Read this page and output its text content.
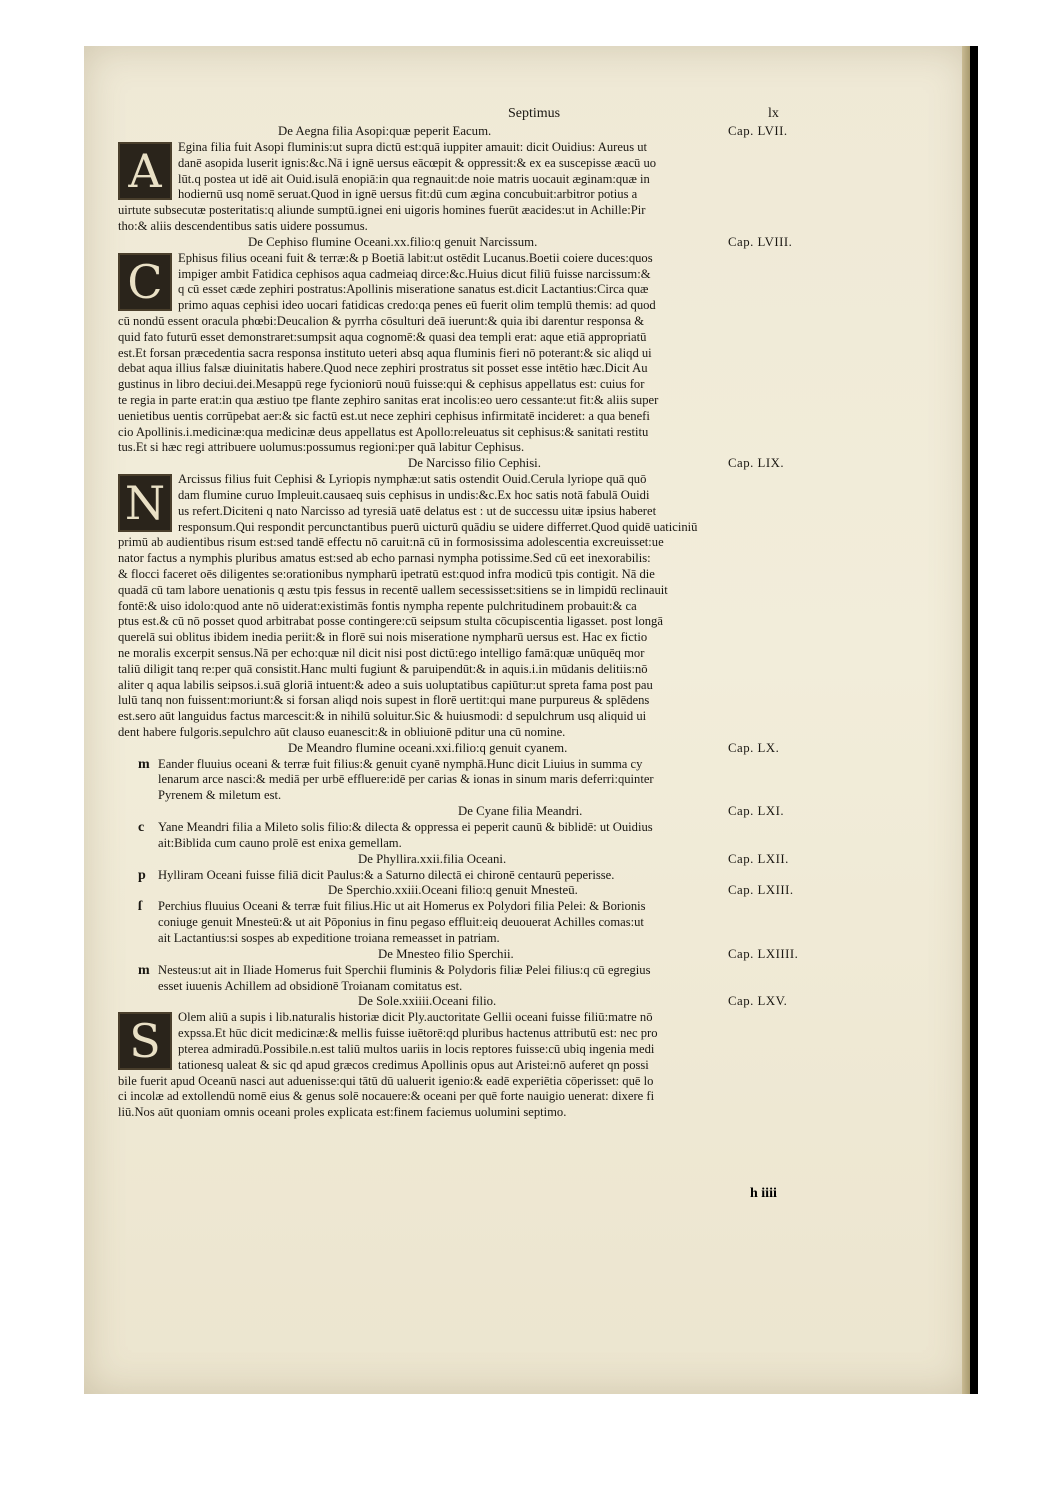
Septimus	lx
De Aegna filia Asopi:quæ peperit Eacum.	Cap. LVII.
A	Egina filia fuit Asopi fluminis:ut supra dictū est:quā iuppiter amauit: dicit Ouidius: Aureus ut

danē asopida luserit ignis:&c.Nā i ignē uersus eācœpit & oppressit:& ex ea suscepisse æacū uo

lūt.q postea ut idē ait Ouid.isulā enopiā:in qua regnauit:de noie matris uocauit æginam:quæ in

hodiernū usq nomē seruat.Quod in ignē uersus fit:dū cum ægina concubuit:arbitror potius a

uirtute subsecutæ posteritatis:q aliunde sumptū.ignei eni uigoris homines fuerūt æacides:ut in Achille:Pir

tho:& aliis descendentibus satis uidere possumus.

De Cephiso flumine Oceani.xx.filio:q genuit Narcissum.	Cap. LVIII.
C	Ephisus filius oceani fuit & terræ:& p Boetiā labit:ut ostēdit Lucanus.Boetii coiere duces:quos

impiger ambit Fatidica cephisos aqua cadmeiaq dirce:&c.Huius dicut filiū fuisse narcissum:&

q cū esset cæde zephiri postratus:Apollinis miseratione sanatus est.dicit Lactantius:Circa quæ

primo aquas cephisi ideo uocari fatidicas credo:qa penes eū fuerit olim templū themis: ad quod

cū nondū essent oracula phœbi:Deucalion & pyrrha cōsulturi deā iuerunt:& quia ibi darentur responsa &

quid fato futurū esset demonstraret:sumpsit aqua cognomē:& quasi dea templi erat: aque etiā appropriatū

est.Et forsan præcedentia sacra responsa instituto ueteri absq aqua fluminis fieri nō poterant:& sic aliqd ui

debat aqua illius falsæ diuinitatis habere.Quod nece zephiri prostratus sit posset esse intētio hæc.Dicit Au

gustinus in libro deciui.dei.Mesappū rege fycioniorū nouū fuisse:qui & cephisus appellatus est: cuius for

te regia in parte erat:in qua æstiuo tpe flante zephiro sanitas erat incolis:eo uero cessante:ut fit:& aliis super

uenietibus uentis corrūpebat aer:& sic factū est.ut nece zephiri cephisus infirmitatē incideret: a qua benefi

cio Apollinis.i.medicinæ:qua medicinæ deus appellatus est Apollo:releuatus sit cephisus:& sanitati restitu

tus.Et si hæc regi attribuere uolumus:possumus regioni:per quā labitur Cephisus.

De Narcisso filio Cephisi.	Cap. LIX.
N	Arcissus filius fuit Cephisi & Lyriopis nymphæ:ut satis ostendit Ouid.Cerula lyriope quā quō

dam flumine curuo Impleuit.causaeq suis cephisus in undis:&c.Ex hoc satis notā fabulā Ouidi

us refert.Diciteni q nato Narcisso ad tyresiā uatē delatus est : ut de successu uitæ ipsius haberet

responsum.Qui respondit percunctantibus puerū uicturū quādiu se uidere differret.Quod quidē uaticiniū

primū ab audientibus risum est:sed tandē effectu nō caruit:nā cū in formosissima adolescentia excreuisset:ue

nator factus a nymphis pluribus amatus est:sed ab echo parnasi nympha potissime.Sed cū eet inexorabilis:

& flocci faceret oēs diligentes se:orationibus nympharū ipetratū est:quod infra modicū tpis contigit. Nā die

quadā cū tam labore uenationis q æstu tpis fessus in recentē uallem secessisset:sitiens se in limpidū reclinauit

fontē:& uiso idolo:quod ante nō uiderat:existimās fontis nympha repente pulchritudinem probauit:& ca

ptus est.& cū nō posset quod arbitrabat posse contingere:cū seipsum stulta cōcupiscentia ligasset. post longā

querelā sui oblitus ibidem inedia periit:& in florē sui nois miseratione nympharū uersus est. Hac ex fictio

ne moralis excerpit sensus.Nā per echo:quæ nil dicit nisi post dictū:ego intelligo famā:quæ unūquēq mor

taliū diligit tanq re:per quā consistit.Hanc multi fugiunt & paruipendūt:& in aquis.i.in mūdanis delitiis:nō

aliter q aqua labilis seipsos.i.suā gloriā intuent:& adeo a suis uoluptatibus capiūtur:ut spreta fama post pau

lulū tanq non fuissent:moriunt:& si forsan aliqd nois supest in florē uertit:qui mane purpureus & splēdens

est.sero aūt languidus factus marcescit:& in nihilū soluitur.Sic & huiusmodi: d sepulchrum usq aliquid ui

dent habere fulgoris.sepulchro aūt clauso euanescit:& in obliuionē pditur una cū nomine.

De Meandro flumine oceani.xxi.filio:q genuit cyanem.	Cap. LX.
m Eander fluuius oceani & terræ fuit filius:& genuit cyanē nymphā.Hunc dicit Liuius in summa cy

lenarum arce nasci:& mediā per urbē effluere:idē per carias & ionas in sinum maris deferri:quinter

Pyrenem & miletum est.

De Cyane filia Meandri.	Cap. LXI.
c	Yane Meandri filia a Mileto solis filio:& dilecta & oppressa ei peperit caunū & biblidē: ut Ouidius

ait:Biblida cum cauno prolē est enixa gemellam.

De Phyllira.xxii.filia Oceani.	Cap. LXII.
p Hylliram Oceani fuisse filiā dicit Paulus:& a Saturno dilectā ei chironē centaurū peperisse.

De Sperchio.xxiii.Oceani filio:q genuit Mnesteū.	Cap. LXIII.
ſ	Perchius fluuius Oceani & terræ fuit filius.Hic ut ait Homerus ex Polydori filia Pelei: & Borionis

coniuge genuit Mnesteū:& ut ait Pōponius in finu pegaso effluit:eiq deuouerat Achilles comas:ut

ait Lactantius:si sospes ab expeditione troiana remeasset in patriam.

De Mnesteo filio Sperchii.	Cap. LXIIII.
m Nesteus:ut ait in Iliade Homerus fuit Sperchii fluminis & Polydoris filiæ Pelei filius:q cū egregius

esset iuuenis Achillem ad obsidionē Troianam comitatus est.

De Sole.xxiiii.Oceani filio.	Cap. LXV.
S	Olem aliū a supis i lib.naturalis historiæ dicit Ply.auctoritate Gellii oceani fuisse filiū:matre nō

expssa.Et hūc dicit medicinæ:& mellis fuisse iuētorē:qd pluribus hactenus attributū est: nec pro

pterea admiradū.Possibile.n.est taliū multos uariis in locis reptores fuisse:cū ubiq ingenia medi

tationesq ualeat & sic qd apud græcos credimus Apollinis opus aut Aristei:nō auferet qn possi

bile fuerit apud Oceanū nasci aut aduenisse:qui tātū dū ualuerit igenio:& eadē experiētia cōperisset: quē lo

ci incolæ ad extollendū nomē eius & genus solē nocauere:& oceani per quē forte nauigio uenerat: dixere fi

liū.Nos aūt quoniam omnis oceani proles explicata est:finem faciemus uolumini septimo.

h iiii
